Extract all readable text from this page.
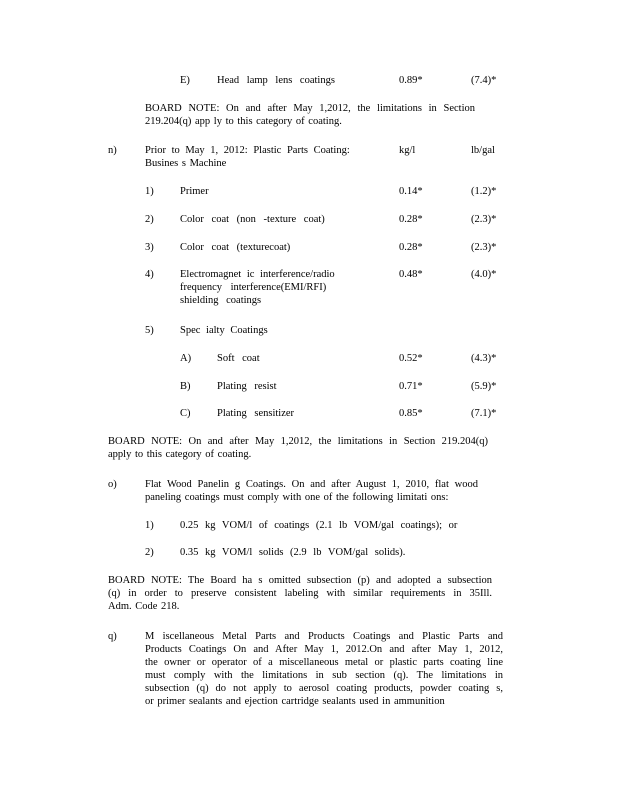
E)	Head lamp lens coatings	0.89*	(7.4)*
BOARD NOTE: On and after May 1,2012, the limitations in Section
219.204(q) app ly to this category of coating.
n)	Prior to May 1, 2012: Plastic Parts Coating:
Busines s Machine
kg/l	lb/gal
1)	Primer	0.14*	(1.2)*
2)	Color coat (non -texture coat)	0.28*	(2.3)*
3)	Color coat (texturecoat)	0.28*	(2.3)*
4)	Electromagnet ic interference/radio
frequency interference(EMI/RFI)
shielding coatings
0.48*	(4.0)*
5)	Spec ialty Coatings
A) Soft coat	0.52*	(4.3)*
B)	Plating resist	0.71*	(5.9)*
C)	Plating sensitizer	0.85*	(7.1)*
BOARD NOTE: On and after May 1,2012, the limitations in Section 219.204(q)
apply to this category of coating.
o)	Flat Wood Panelin g Coatings. On and after August 1, 2010, flat wood
paneling coatings must comply with one of the following limitati ons:
1)	0.25 kg VOM/l of coatings (2.1 lb VOM/gal coatings); or
2)	0.35 kg VOM/l solids (2.9 lb VOM/gal solids).
BOARD NOTE: The Board ha s omitted subsection (p) and adopted a subsection
(q) in order to preserve consistent labeling with similar requirements in 35Ill.
Adm. Code 218.
q)	M iscellaneous Metal Parts and Products Coatings and Plastic Parts and
Products Coatings On and After May 1, 2012.On and after May 1, 2012,
the owner or operator of a miscellaneous metal or plastic parts coating line
must comply with the limitations in sub section (q). The limitations in
subsection (q) do not apply to aerosol coating products, powder coating s,
or primer sealants and ejection cartridge sealants used in ammunition
